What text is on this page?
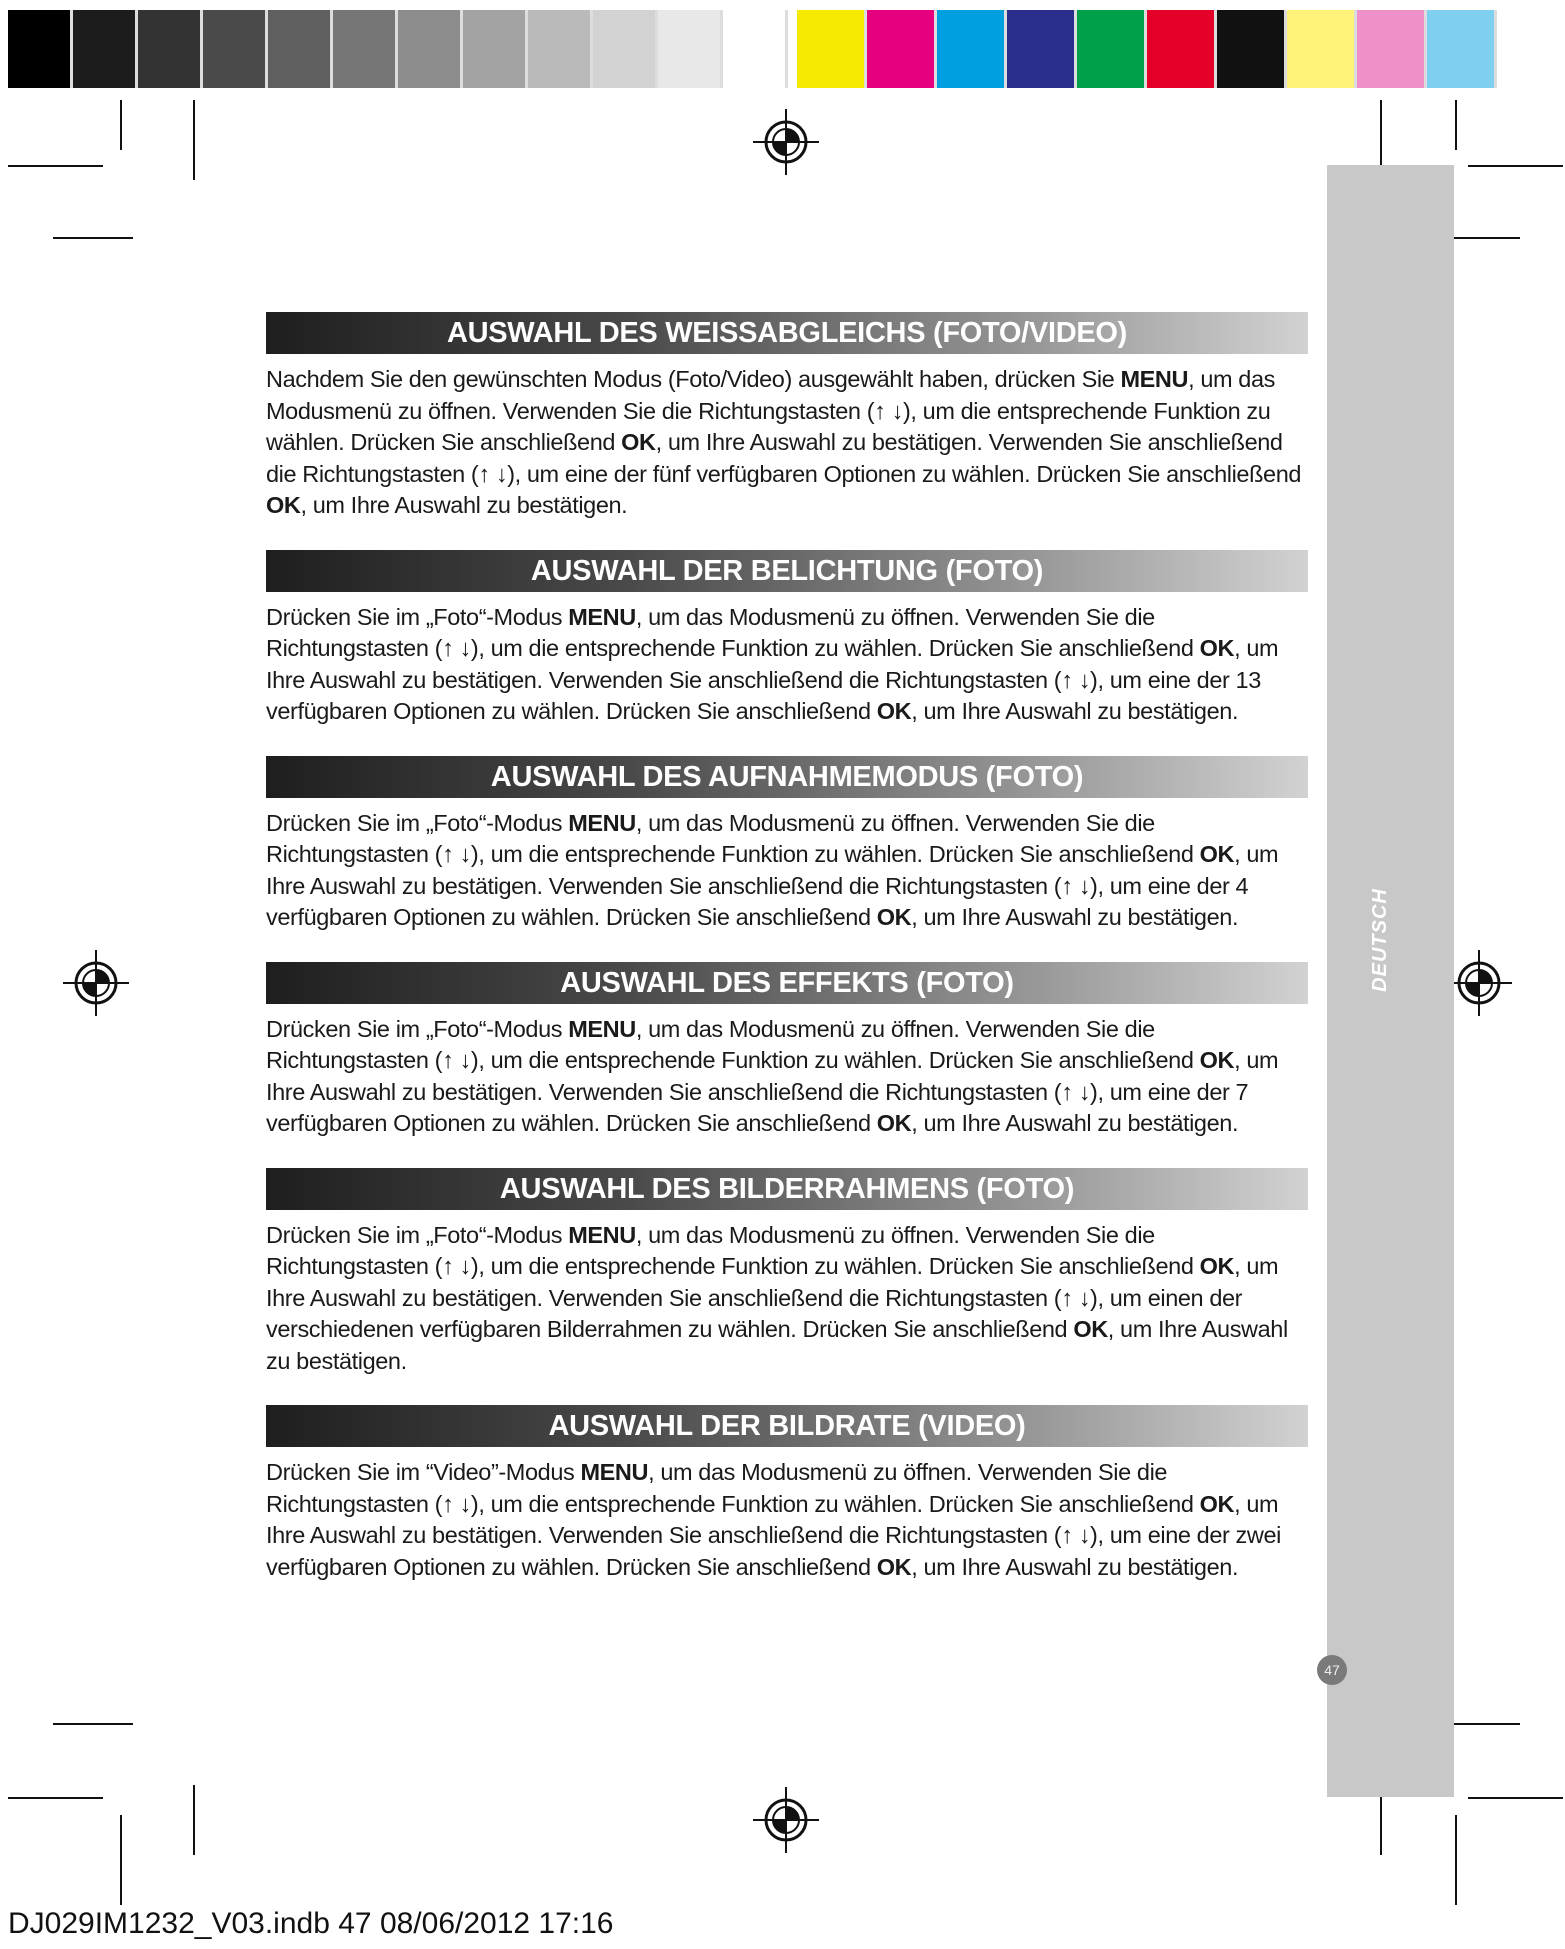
DEUTSCH
47
AUSWAHL DES WEISSABGLEICHS (FOTO/VIDEO)

Nachdem Sie den gewünschten Modus (Foto/Video) ausgewählt haben, drücken Sie MENU, um das Modusmenü zu öffnen. Verwenden Sie die Richtungstasten (↑ ↓), um die entsprechende Funktion zu wählen. Drücken Sie anschließend OK, um Ihre Auswahl zu bestätigen. Verwenden Sie anschließend die Richtungstasten (↑ ↓), um eine der fünf verfügbaren Optionen zu wählen. Drücken Sie anschließend OK, um Ihre Auswahl zu bestätigen.

AUSWAHL DER BELICHTUNG (FOTO)

Drücken Sie im „Foto“-Modus MENU, um das Modusmenü zu öffnen. Verwenden Sie die Richtungstasten (↑ ↓), um die entsprechende Funktion zu wählen. Drücken Sie anschließend OK, um Ihre Auswahl zu bestätigen. Verwenden Sie anschließend die Richtungstasten (↑ ↓), um eine der 13 verfügbaren Optionen zu wählen. Drücken Sie anschließend OK, um Ihre Auswahl zu bestätigen.

AUSWAHL DES AUFNAHMEMODUS (FOTO)

Drücken Sie im „Foto“-Modus MENU, um das Modusmenü zu öffnen. Verwenden Sie die Richtungstasten (↑ ↓), um die entsprechende Funktion zu wählen. Drücken Sie anschließend OK, um Ihre Auswahl zu bestätigen. Verwenden Sie anschließend die Richtungstasten (↑ ↓), um eine der 4 verfügbaren Optionen zu wählen. Drücken Sie anschließend OK, um Ihre Auswahl zu bestätigen.

AUSWAHL DES EFFEKTS (FOTO)

Drücken Sie im „Foto“-Modus MENU, um das Modusmenü zu öffnen. Verwenden Sie die Richtungstasten (↑ ↓), um die entsprechende Funktion zu wählen. Drücken Sie anschließend OK, um Ihre Auswahl zu bestätigen. Verwenden Sie anschließend die Richtungstasten (↑ ↓), um eine der 7 verfügbaren Optionen zu wählen. Drücken Sie anschließend OK, um Ihre Auswahl zu bestätigen.

AUSWAHL DES BILDERRAHMENS (FOTO)

Drücken Sie im „Foto“-Modus MENU, um das Modusmenü zu öffnen. Verwenden Sie die Richtungstasten (↑ ↓), um die entsprechende Funktion zu wählen. Drücken Sie anschließend OK, um Ihre Auswahl zu bestätigen. Verwenden Sie anschließend die Richtungstasten (↑ ↓), um einen der verschiedenen verfügbaren Bilderrahmen zu wählen. Drücken Sie anschließend OK, um Ihre Auswahl zu bestätigen.

AUSWAHL DER BILDRATE (VIDEO)

Drücken Sie im “Video”-Modus MENU, um das Modusmenü zu öffnen. Verwenden Sie die Richtungstasten (↑ ↓), um die entsprechende Funktion zu wählen. Drücken Sie anschließend OK, um Ihre Auswahl zu bestätigen. Verwenden Sie anschließend die Richtungstasten (↑ ↓), um eine der zwei verfügbaren Optionen zu wählen. Drücken Sie anschließend OK, um Ihre Auswahl zu bestätigen.

DJ029IM1232_V03.indb 47 08/06/2012 17:16
